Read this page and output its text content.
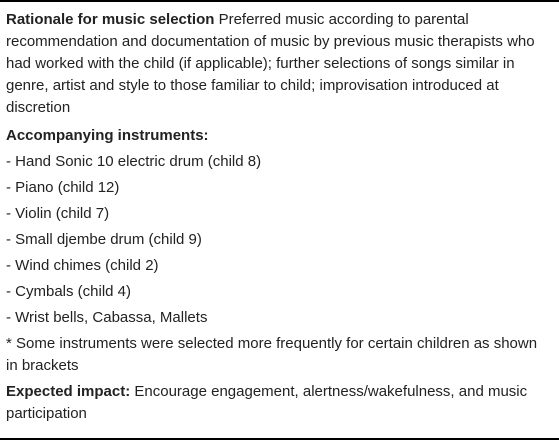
Rationale for music selection Preferred music according to parental recommendation and documentation of music by previous music therapists who had worked with the child (if applicable); further selections of songs similar in genre, artist and style to those familiar to child; improvisation introduced at discretion

Accompanying instruments:

- Hand Sonic 10 electric drum (child 8)
- Piano (child 12)
- Violin (child 7)
- Small djembe drum (child 9)
- Wind chimes (child 2)
- Cymbals (child 4)
- Wrist bells, Cabassa, Mallets

* Some instruments were selected more frequently for certain children as shown in brackets

Expected impact: Encourage engagement, alertness/wakefulness, and music participation
